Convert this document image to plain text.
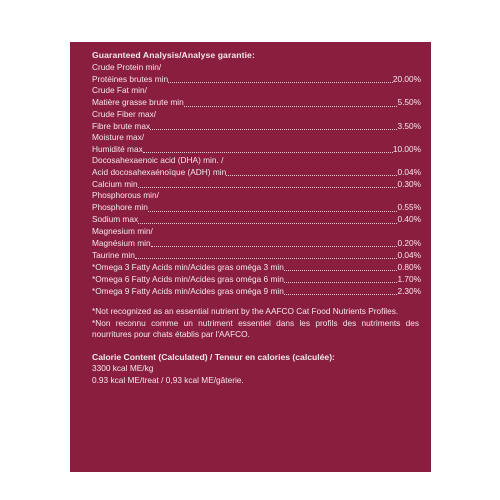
Guaranteed Analysis/Analyse garantie:
Crude Protein min/
Protéines brutes min	20.00%
Crude Fat min/
Matière grasse brute min	5.50%
Crude Fiber max/
Fibre brute max	3.50%
Moisture max/
Humidité max	10.00%
Docosahexaenoic acid (DHA) min. /
Acid docosahexaénoïque (ADH) min	0.04%
Calcium min	0.30%
Phosphorous min/
Phosphore min	0.55%
Sodium max	0.40%
Magnesium min/
Magnésium min	0.20%
Taurine min	0.04%
*Omega 3 Fatty Acids min/Acides gras oméga 3 min	0.80%
*Omega 6 Fatty Acids min/Acides gras oméga 6 min	1.70%
*Omega 9 Fatty Acids min/Acides gras oméga 9 min	2.30%

*Not recognized as an essential nutrient by the AAFCO Cat Food Nutrients Profiles.

*Non reconnu comme un nutriment essentiel dans les profils des nutriments des nourritures pour chats établis par l'AAFCO.

Calorie Content (Calculated) / Teneur en calories (calculée):

3300 kcal ME/kg

0.93 kcal ME/treat / 0,93 kcal ME/gâterie.
